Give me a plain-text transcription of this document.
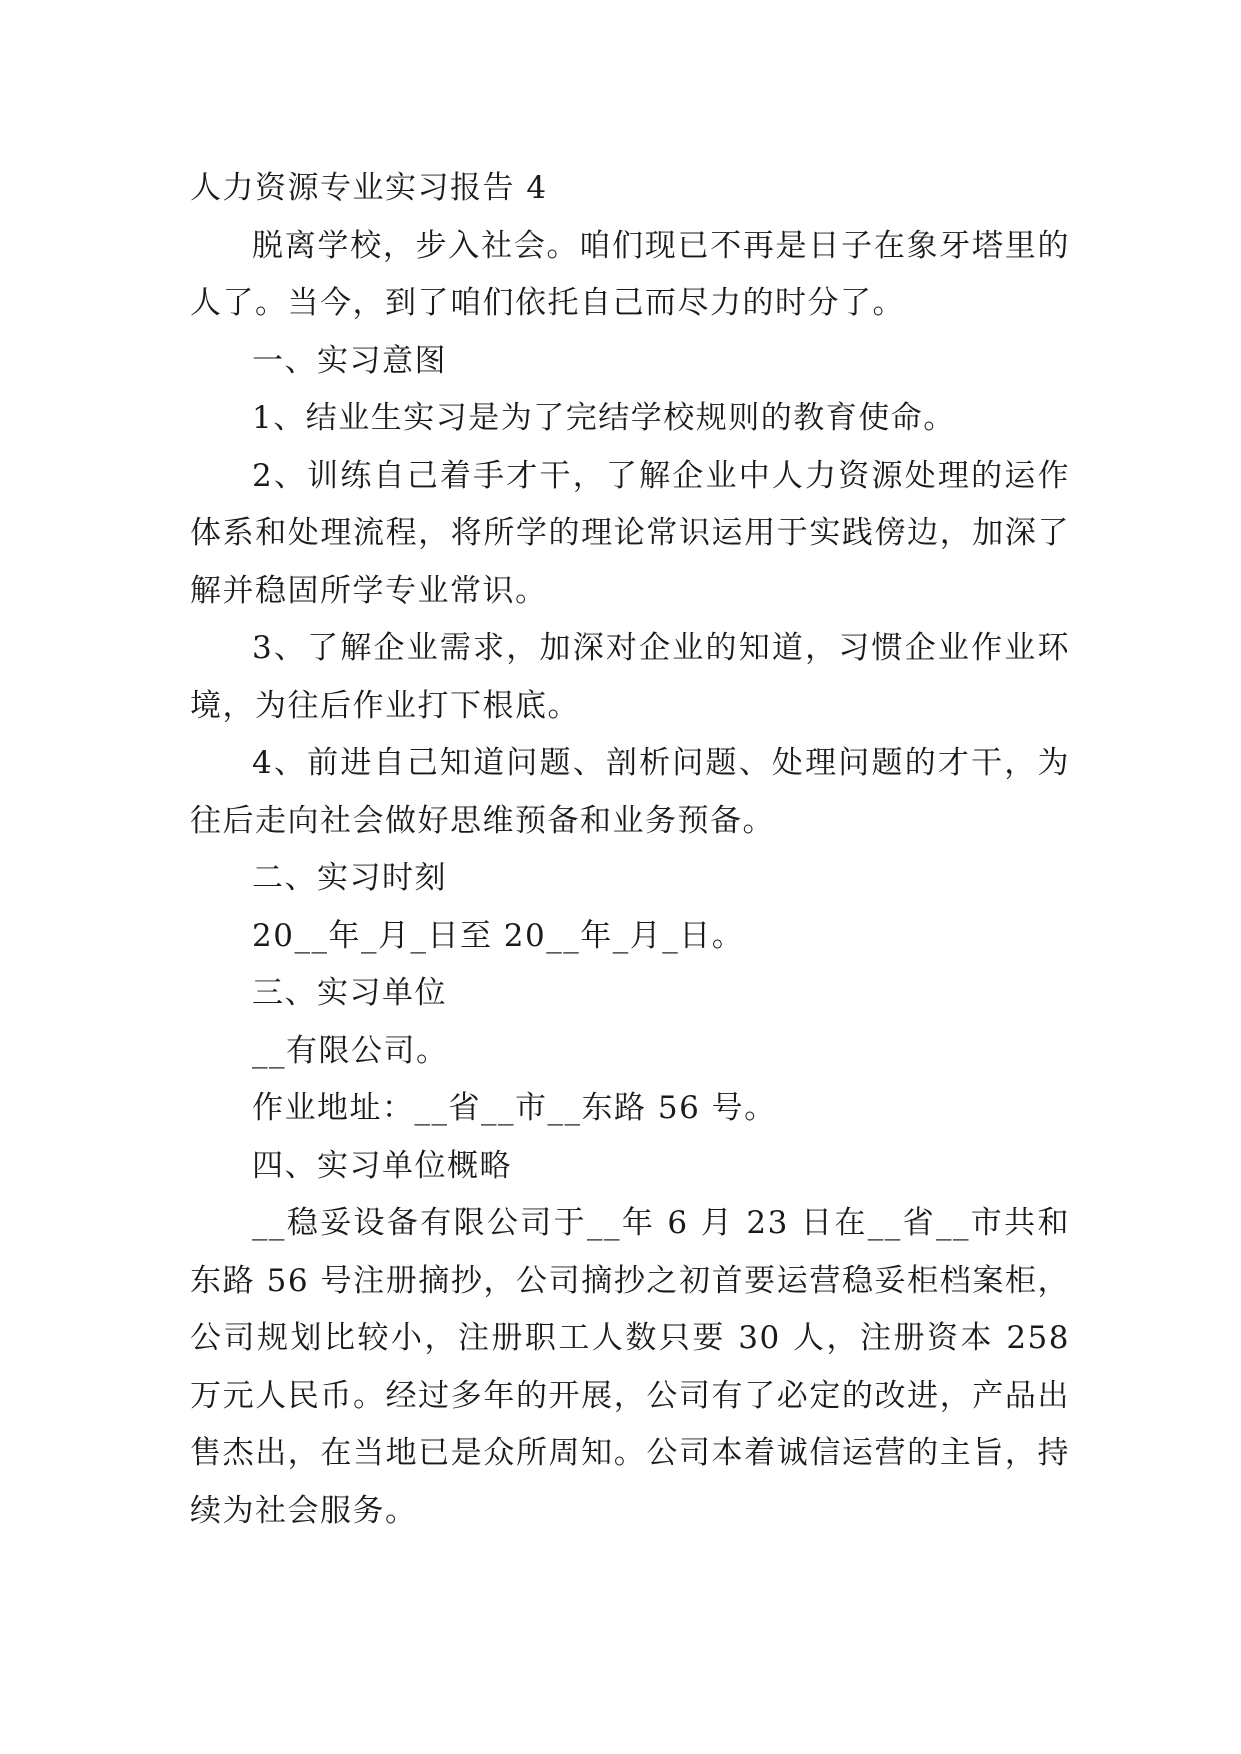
人力资源专业实习报告 4
脱离学校，步入社会。咱们现已不再是日子在象牙塔里的人了。当今，到了咱们依托自己而尽力的时分了。
一、实习意图
1、结业生实习是为了完结学校规则的教育使命。
2、训练自己着手才干，了解企业中人力资源处理的运作体系和处理流程，将所学的理论常识运用于实践傍边，加深了解并稳固所学专业常识。
3、了解企业需求，加深对企业的知道，习惯企业作业环境，为往后作业打下根底。
4、前进自己知道问题、剖析问题、处理问题的才干，为往后走向社会做好思维预备和业务预备。
二、实习时刻
20__年_月_日至 20__年_月_日。
三、实习单位
__有限公司。
作业地址：__省__市__东路 56 号。
四、实习单位概略
__稳妥设备有限公司于__年 6 月 23 日在__省__市共和东路 56 号注册摘抄，公司摘抄之初首要运营稳妥柜档案柜，公司规划比较小，注册职工人数只要 30 人，注册资本 258 万元人民币。经过多年的开展，公司有了必定的改进，产品出售杰出，在当地已是众所周知。公司本着诚信运营的主旨，持续为社会服务。
